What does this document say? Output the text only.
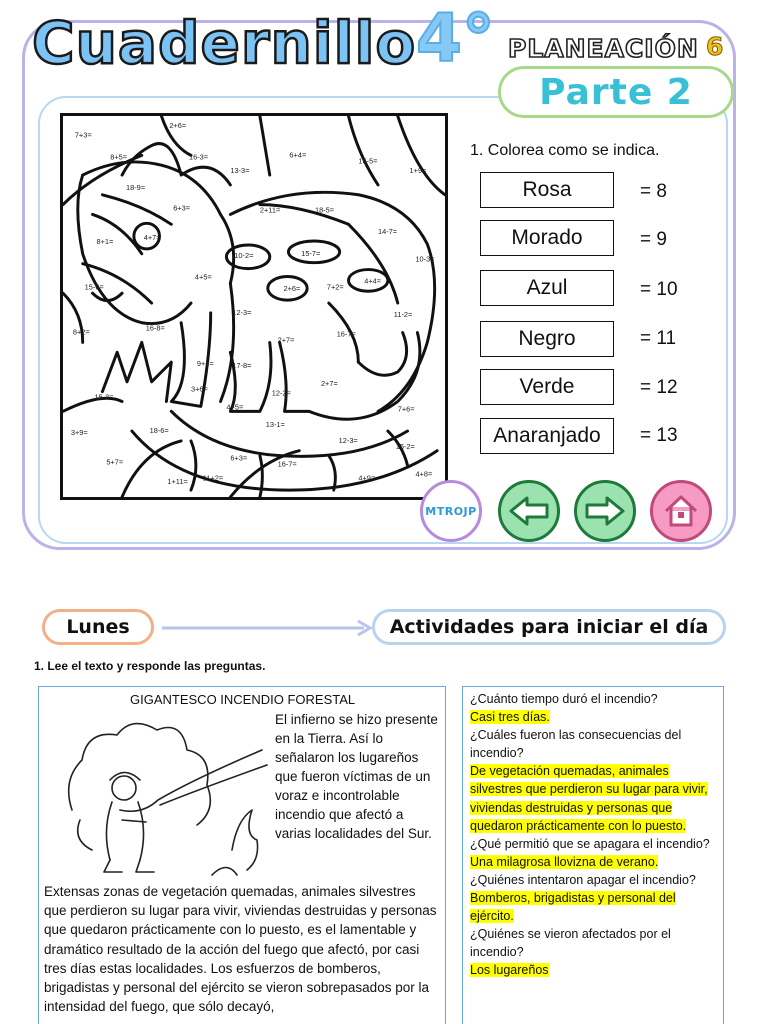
Cuadernillo 4° PLANEACIÓN 6
Parte 2
7+3=
2+6=
8+5=	16-3=	6+4=
15-5=
1+9=
13-3=
18-9=
6+3=	2+11=	18-5=
14-7=
8+1=	4+7=
10-2=	15-7=
10-3=
4+5=
7+2=
4+4=
15-6=	2+6=
12-3=	11-2=
8+2=	16-8=
16-7=
2+7=
9+1= 17-8=
2+7=
15-3=
3+6=	12-2=
4+5=
3+9=
13-1=
7+6=
18-6=
12-3=
6+3=
15-2=
5+7=	16-7=
4+8=
1+11= 11+2=	4+9=
1. Colorea como se indica.
Rosa	= 8
Morado	= 9
Azul	= 10
Negro	= 11
Verde	= 12
Anaranjado	= 13
MTROJP
Lunes	Actividades para iniciar el día
1. Lee el texto y responde las preguntas.
GIGANTESCO INCENDIO FORESTAL
El infierno se hizo presente en la Tierra. Así lo señalaron los lugareños que fueron víctimas de un voraz e incontrolable incendio que afectó a varias localidades del Sur.
Extensas zonas de vegetación quemadas, animales silvestres que perdieron su lugar para vivir, viviendas destruidas y personas que quedaron prácticamente con lo puesto, es el lamentable y dramático resultado de la acción del fuego que afectó, por casi tres días estas localidades. Los esfuerzos de bomberos, brigadistas y personal del ejército se vieron sobrepasados por la intensidad del fuego, que sólo decayó,
¿Cuánto tiempo duró el incendio?
Casi tres días.
¿Cuáles fueron las consecuencias del incendio?
De vegetación quemadas, animales silvestres que perdieron su lugar para vivir, viviendas destruidas y personas que quedaron prácticamente con lo puesto.
¿Qué permitió que se apagara el incendio?
Una milagrosa llovizna de verano.
¿Quiénes intentaron apagar el incendio?
Bomberos, brigadistas y personal del ejército.
¿Quiénes se vieron afectados por el incendio?
Los lugareños
